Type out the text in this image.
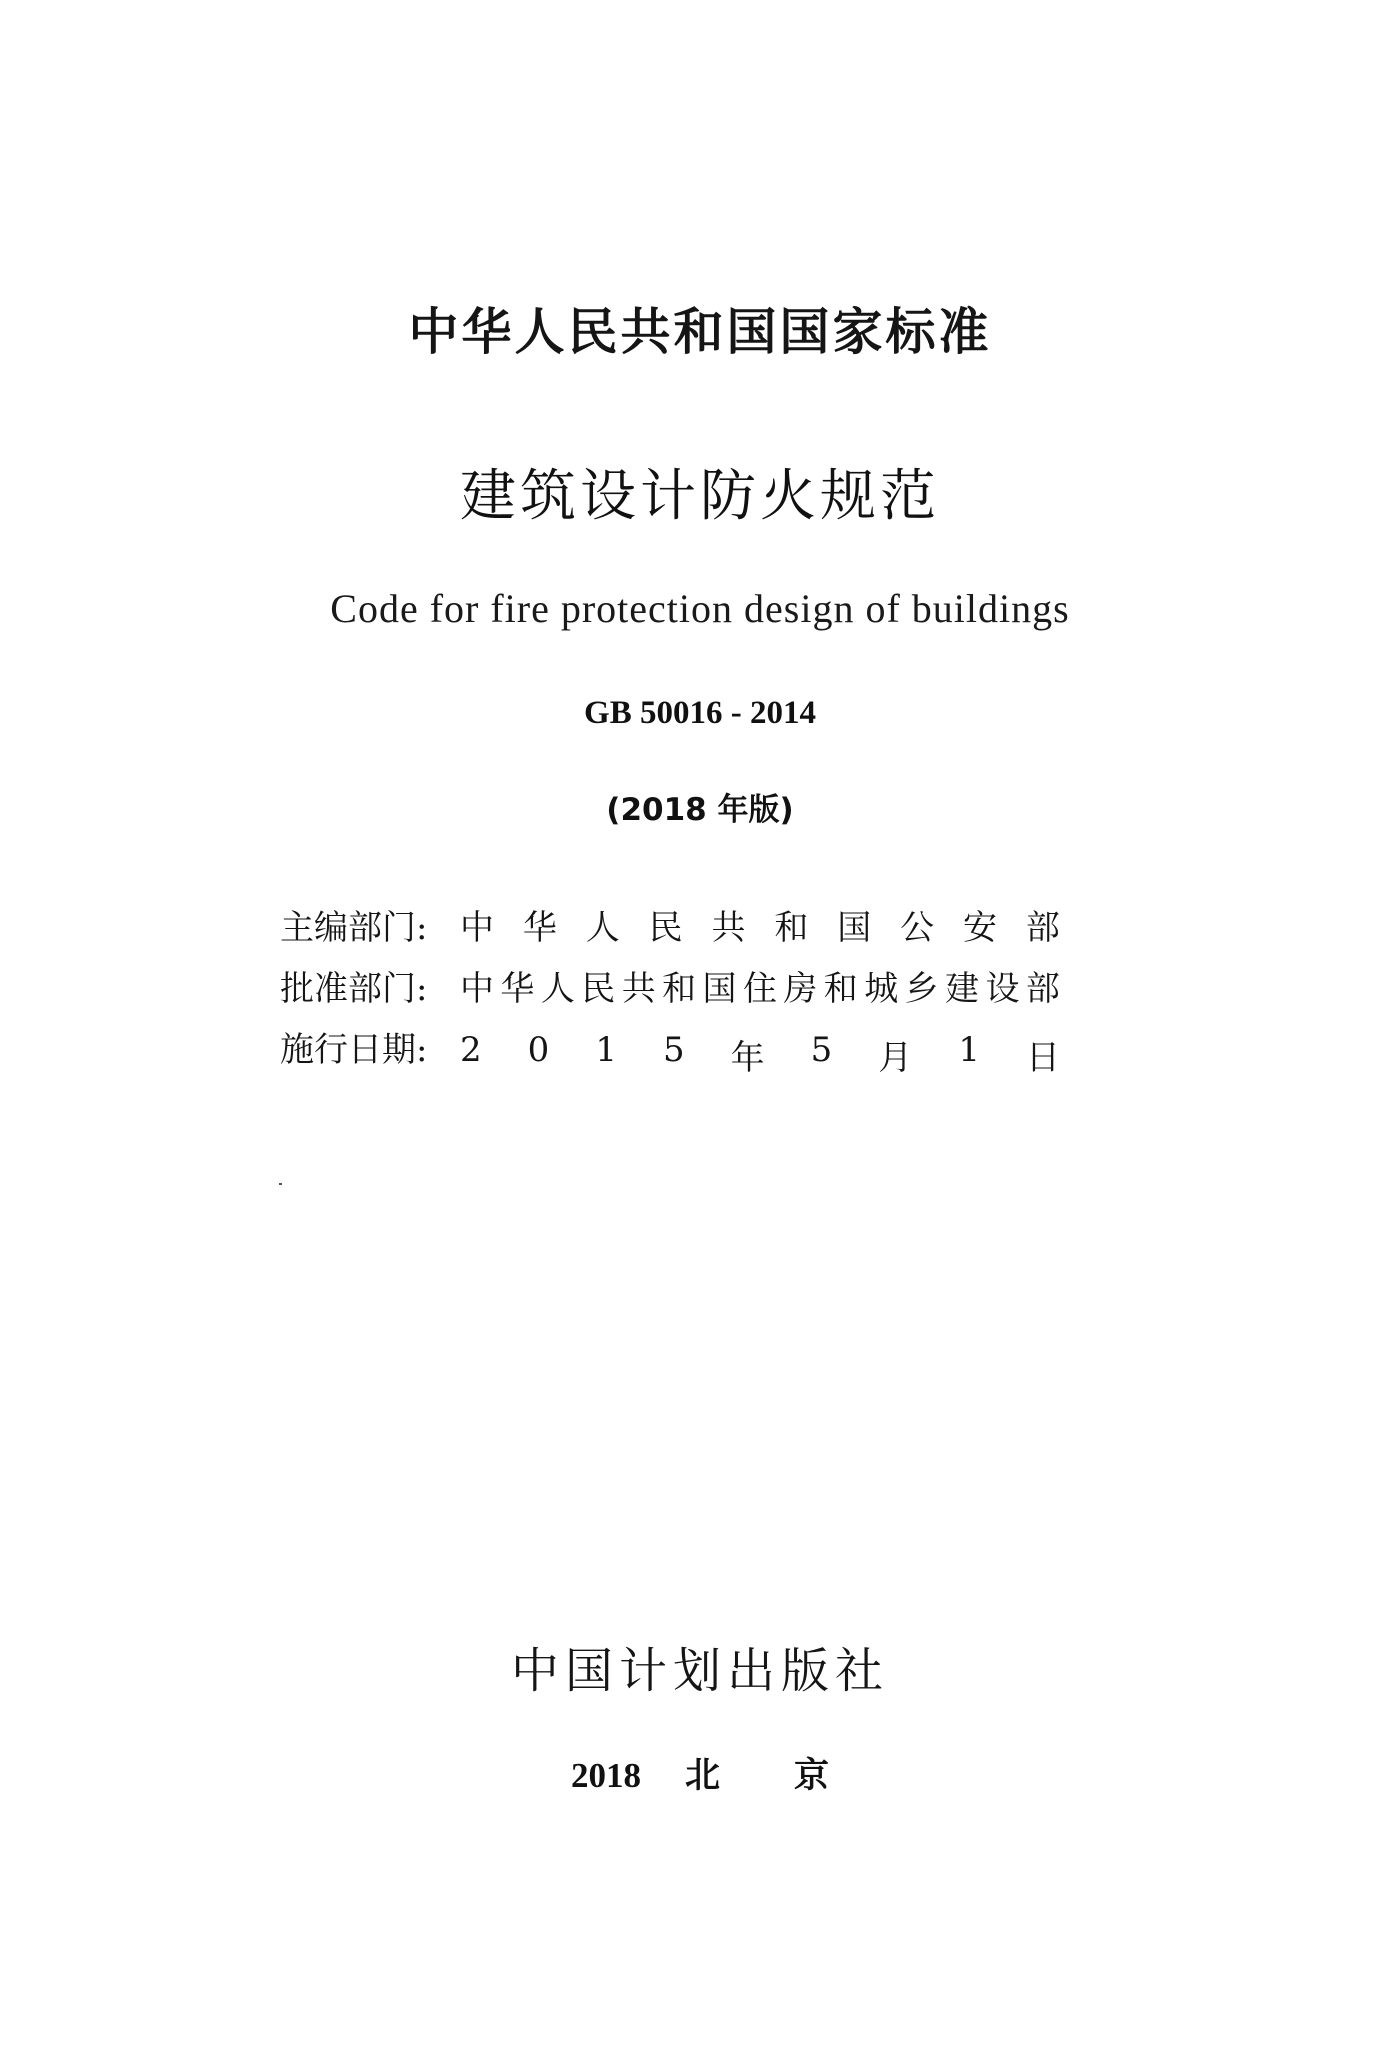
中华人民共和国国家标准
建筑设计防火规范
Code for fire protection design of buildings
GB 50016 - 2014
(2018 年版)
主编部门 :	中 华 人 民 共 和 国 公 安 部
批准部门 :	中 华 人 民 共 和 国 住 房 和 城 乡 建 设 部
施行日期 :	2 0 1 5 年 5 月 1 日
中国计划出版社
2018 北京
